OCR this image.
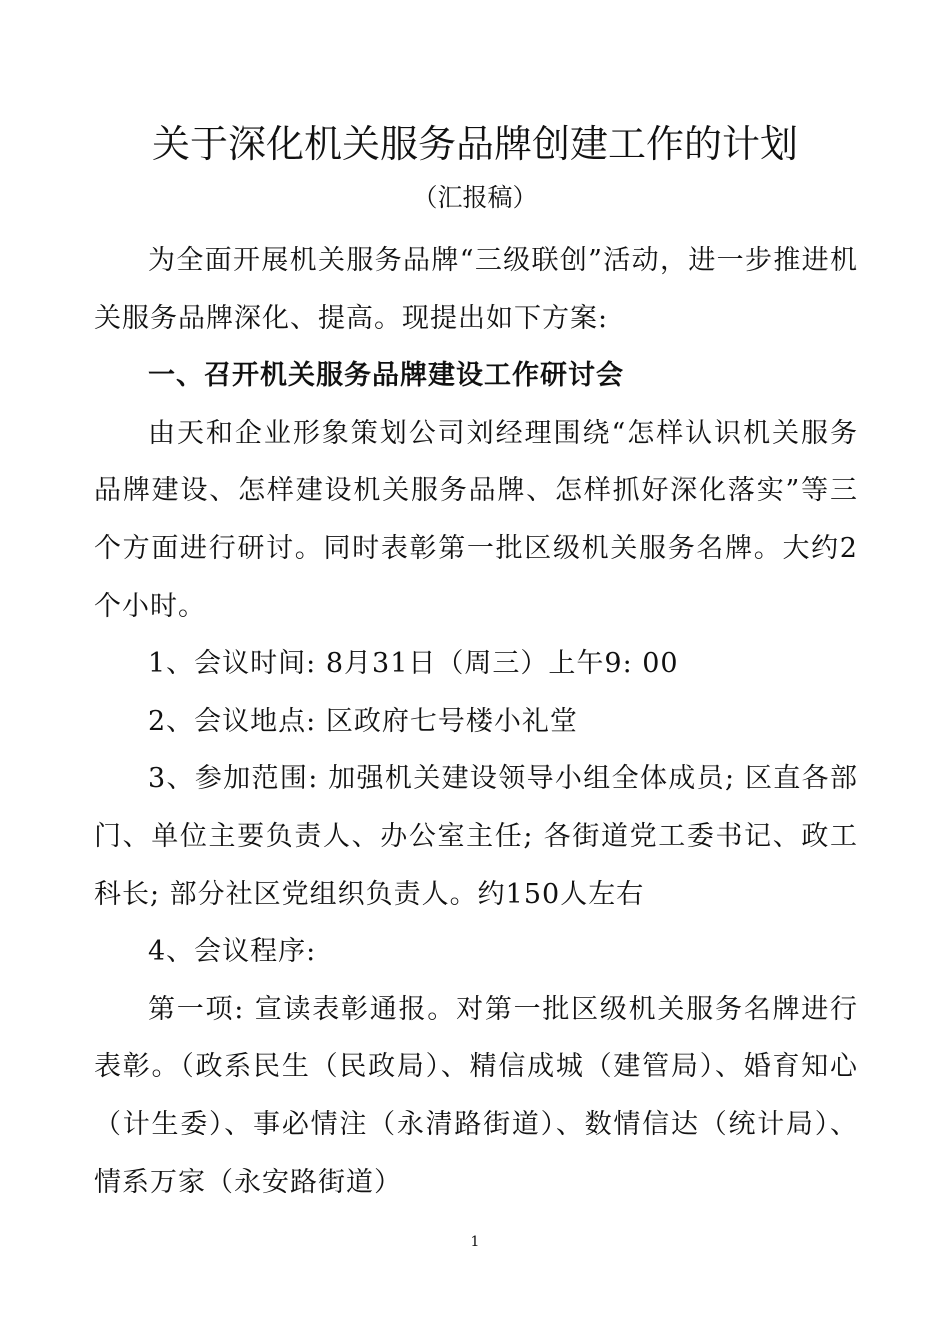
关于深化机关服务品牌创建工作的计划
（汇报稿）

为全面开展机关服务品牌“三级联创”活动，进一步推进机关服务品牌深化、提高。现提出如下方案:

一、召开机关服务品牌建设工作研讨会

由天和企业形象策划公司刘经理围绕“怎样认识机关服务品牌建设、怎样建设机关服务品牌、怎样抓好深化落实”等三个方面进行研讨。同时表彰第一批区级机关服务名牌。大约2个小时。

1、会议时间: 8月31日（周三）上午9: 00

2、会议地点: 区政府七号楼小礼堂

3、参加范围: 加强机关建设领导小组全体成员; 区直各部门、单位主要负责人、办公室主任; 各街道党工委书记、政工科长; 部分社区党组织负责人。约150人左右

4、会议程序:

第一项: 宣读表彰通报。对第一批区级机关服务名牌进行表彰。（政系民生（民政局）、精信成城（建管局）、婚育知心（计生委）、事必情注（永清路街道）、数情信达（统计局）、情系万家（永安路街道）

1
